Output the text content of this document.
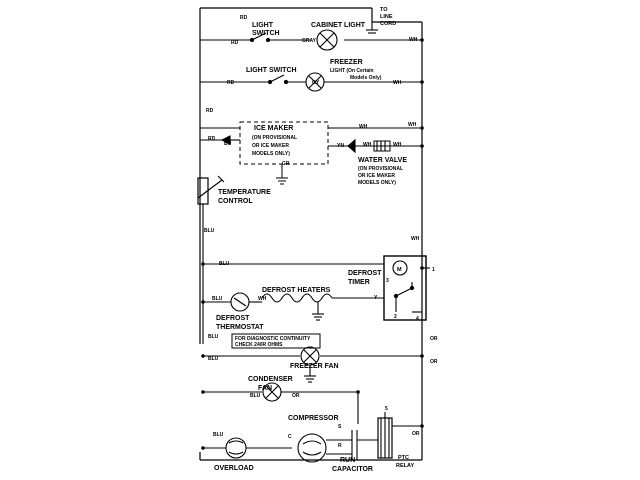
M
3
2	4
1
5
TO
LINE
CORD
LIGHT
SWITCH
CABINET LIGHT
LIGHT SWITCH
FREEZER
LIGHT (On Certain
Models Only)
ICE MAKER
(ON PROVISIONAL
OR ICE MAKER
MODELS ONLY)
WATER VALVE
(ON PROVISIONAL
OR ICE MAKER
MODELS ONLY)
TEMPERATURE
CONTROL
DEFROST
TIMER
DEFROST HEATERS
DEFROST
THERMOSTAT
FOR DIAGNOSTIC CONTINUITY
CHECK 240R OHMS
FREEZER FAN
CONDENSER
FAN
COMPRESSOR
RUN
CAPACITOR
PTC
RELAY
OVERLOAD
RD
RD	GRAY	WH
RD	GY	WH
RD
RD
BU
WH	WH
YN	WH	WH
GR
BLU
WH
BLU
BLU	WH	Y
OR
BLU
OR
BLU
BLU	OR
OR
BLU	C
S
R
